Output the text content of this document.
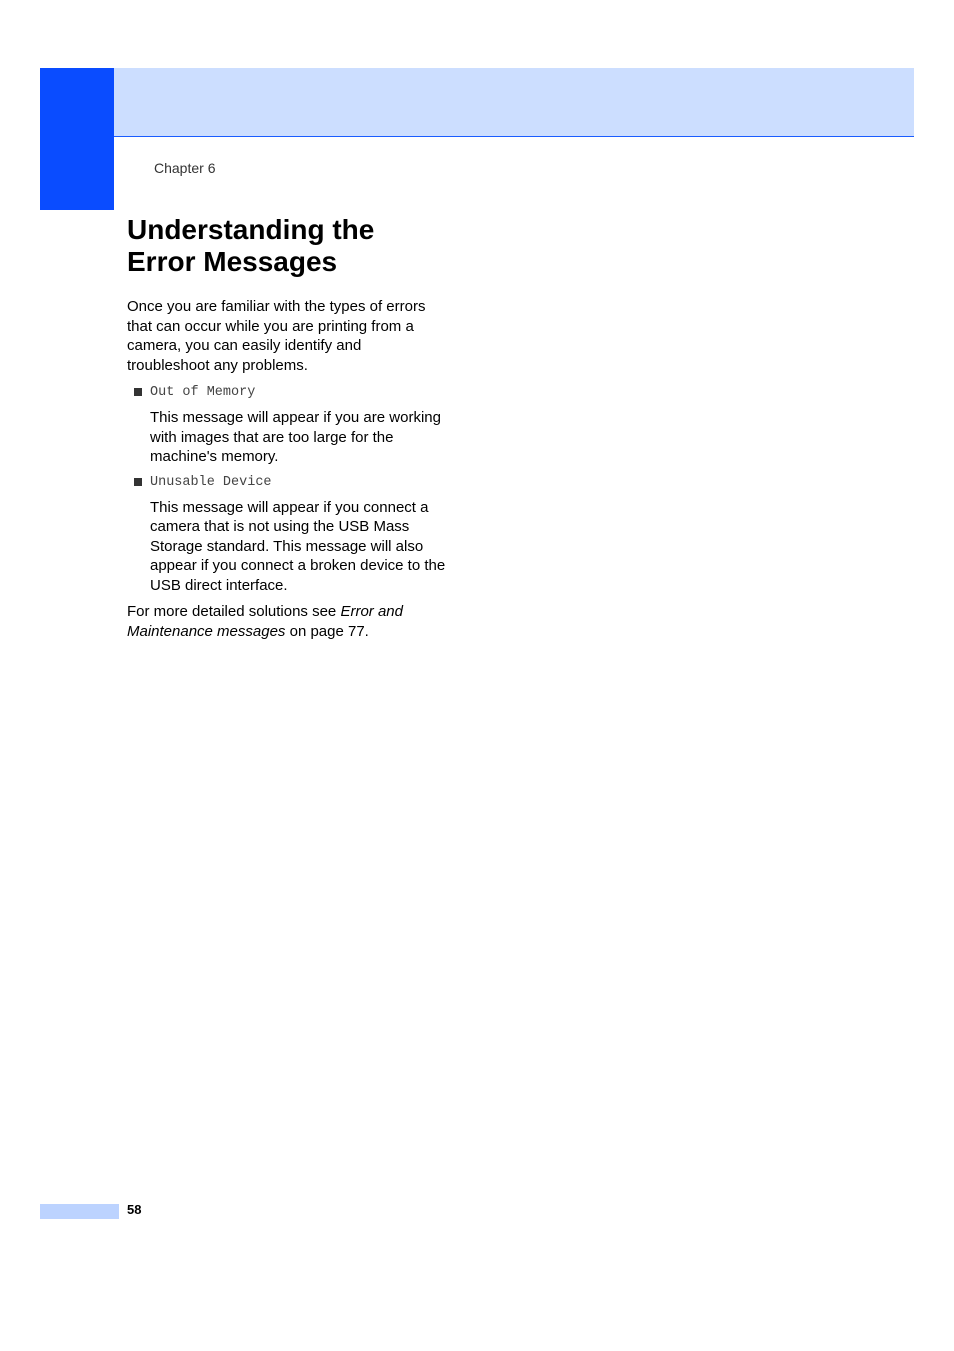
Chapter 6
Understanding the
Error Messages

Once you are familiar with the types of errors that can occur while you are printing from a camera, you can easily identify and troubleshoot any problems.

Out of Memory

This message will appear if you are working with images that are too large for the machine's memory.

Unusable Device

This message will appear if you connect a camera that is not using the USB Mass Storage standard. This message will also appear if you connect a broken device to the USB direct interface.

For more detailed solutions see Error and Maintenance messages on page 77.

58
